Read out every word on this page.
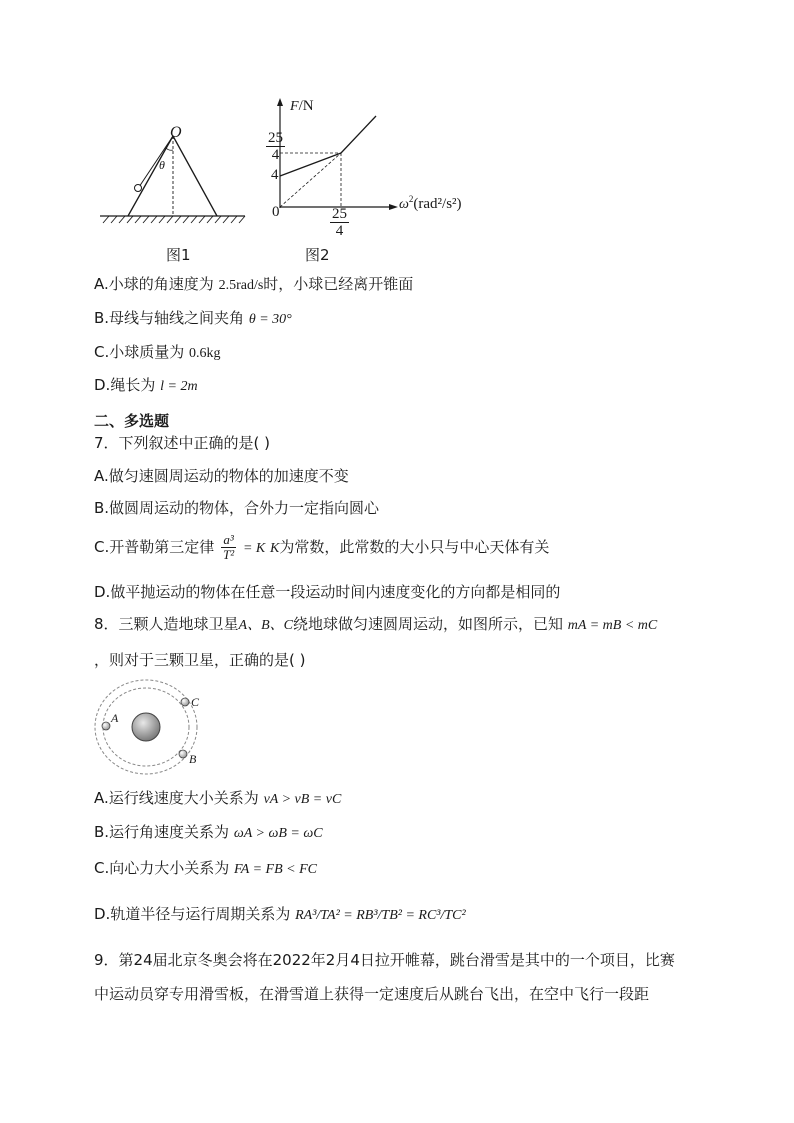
O
θ
图1
F/N
$\frac{25}{4}$
4
0	$\frac{25}{4}$
$\omega^2(rad^2/s^2)$
图2
A.小球的角速度为 2.5rad/s时，小球已经离开锥面
B.母线与轴线之间夹角 θ = 30°
C.小球质量为 0.6kg
D.绳长为 l = 2m
二、多选题
7．下列叙述中正确的是( )
A.做匀速圆周运动的物体的加速度不变
B.做圆周运动的物体，合外力一定指向圆心
C.开普勒第三定律 $\frac{\text{a³}}{\text{T²}} = K$ K为常数，此常数的大小只与中心天体有关
D.做平抛运动的物体在任意一段运动时间内速度变化的方向都是相同的
8．三颗人造地球卫星A、B、C绕地球做匀速圆周运动，如图所示，已知 mA = mB < mC
，则对于三颗卫星，正确的是( )
A
C
B
A.运行线速度大小关系为 vA > vB = vC
B.运行角速度关系为 ωA > ωB = ωC
C.向心力大小关系为 FA = FB < FC
D.轨道半径与运行周期关系为 RA³/TA² = RB³/TB² = RC³/TC²
9．第24届北京冬奥会将在2022年2月4日拉开帷幕，跳台滑雪是其中的一个项目，比赛
中运动员穿专用滑雪板，在滑雪道上获得一定速度后从跳台飞出，在空中飞行一段距
